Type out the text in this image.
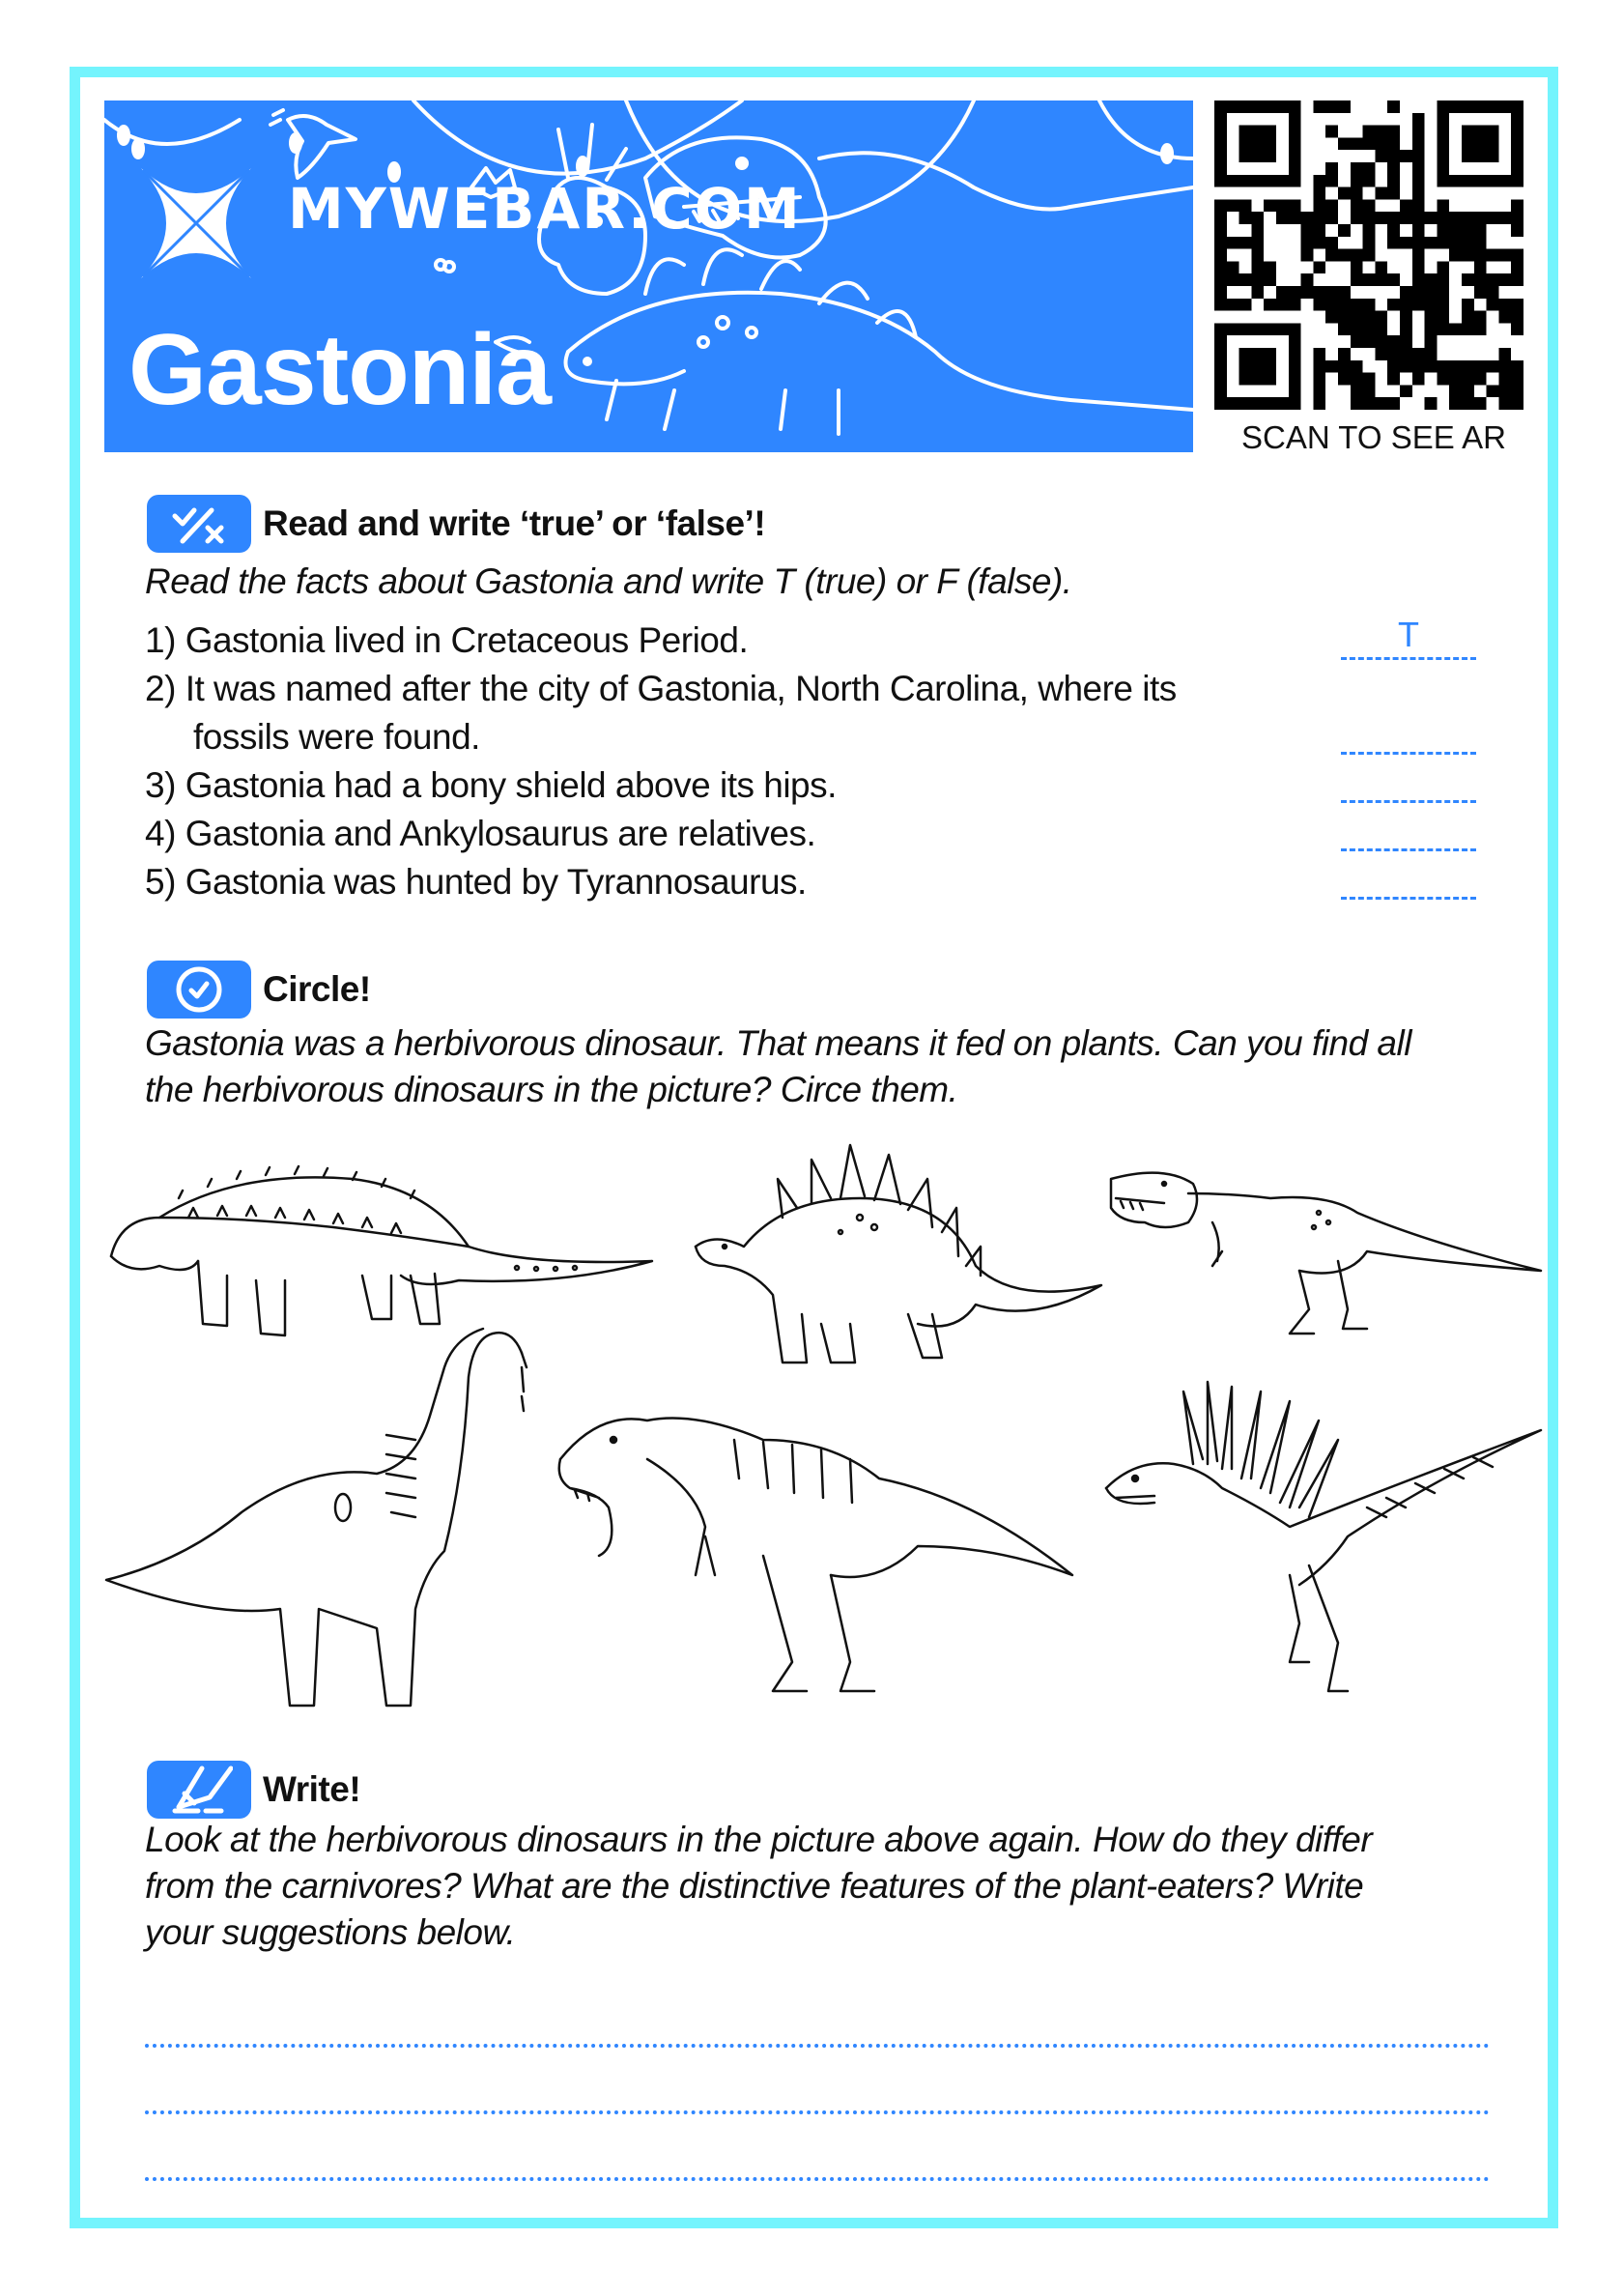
MYWEBAR.COM
Gastonia
SCAN TO SEE AR
Read and write ‘true’ or ‘false’!
Read the facts about Gastonia and write T (true) or F (false).
1) Gastonia lived in Cretaceous Period.	T
2) It was named after the city of Gastonia, North Carolina, where its
fossils were found.
3) Gastonia had a bony shield above its hips.
4) Gastonia and Ankylosaurus are relatives.
5) Gastonia was hunted by Tyrannosaurus.
Circle!
Gastonia was a herbivorous dinosaur. That means it fed on plants. Can you find all
the herbivorous dinosaurs in the picture? Circe them.
Write!
Look at the herbivorous dinosaurs in the picture above again. How do they differ
from the carnivores? What are the distinctive features of the plant-eaters? Write
your suggestions below.
